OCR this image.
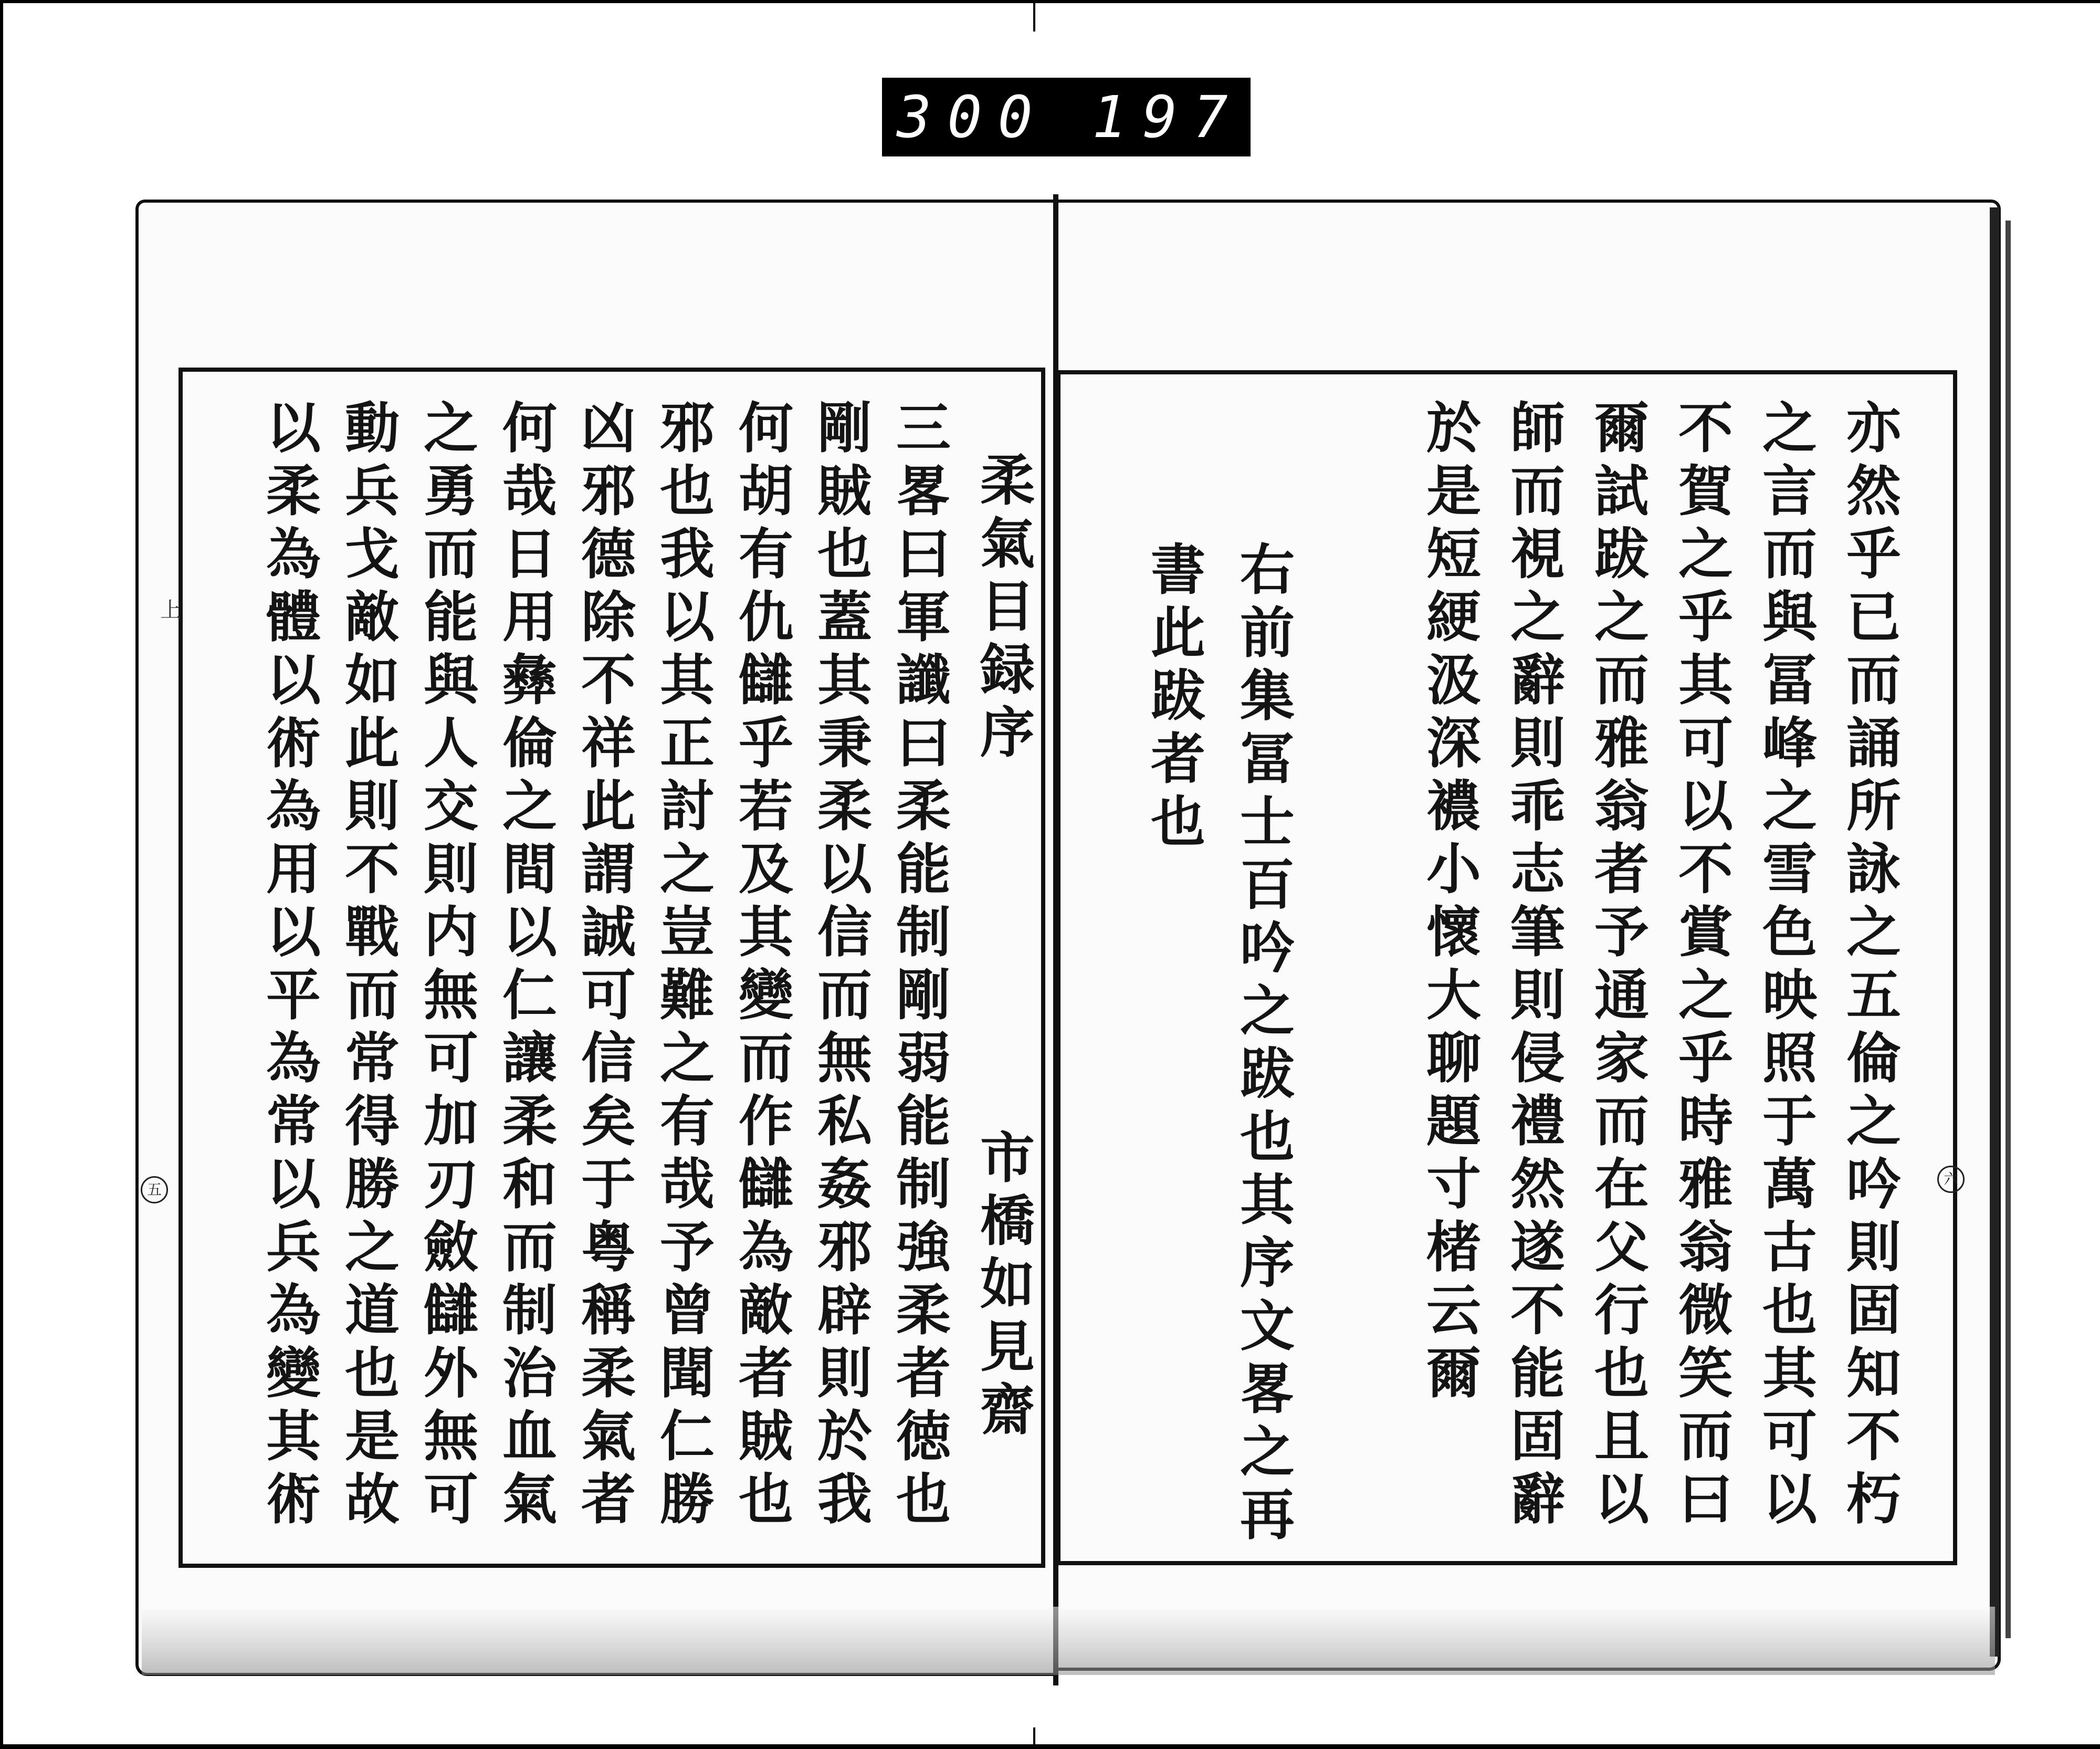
300 197.
亦然乎已而誦所詠之五倫之吟則固知不朽
之言而與冨峰之雪色映照于萬古也其可以
不賀之乎其可以不賞之乎時雅翁微笑而曰
爾試跋之而雅翁者予通家而在父行也且以
師而視之辭則乖志筆則侵禮然遂不能固辭
於是短綆汲深襛小懷大聊題寸楮云爾
右前集冨士百吟之跋也其序文畧之再
書此跋者也
柔氣目録序
市橋如見齋
三畧曰軍讖曰柔能制剛弱能制強柔者徳也
剛賊也蓋其秉柔以信而無私姦邪辟則於我
何胡有仇讎乎若及其變而作讎為敵者賊也
邪也我以其正討之豈難之有哉予曾聞仁勝
凶邪德除不祥此謂誠可信矣于粤稱柔氣者
何哉日用彝倫之間以仁讓柔和而制治血氣
之勇而能與人交則内無可加刃斂讎外無可
動兵戈敵如此則不戰而常得勝之道也是故
以柔為體以術為用以平為常以兵為變其術
上
五
六
